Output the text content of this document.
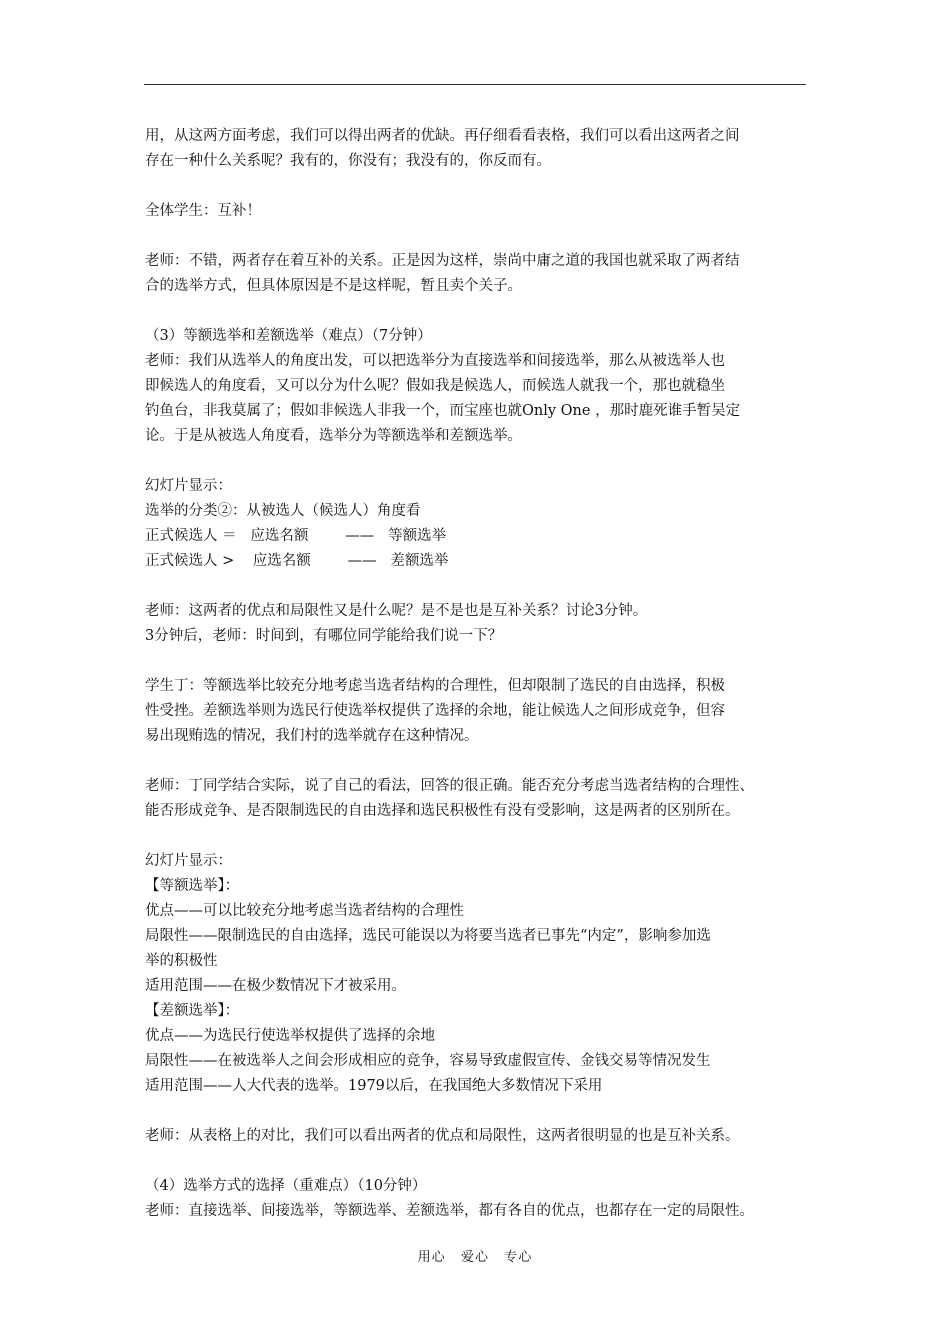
用，从这两方面考虑，我们可以得出两者的优缺。再仔细看看表格，我们可以看出这两者之间
存在一种什么关系呢？我有的，你没有；我没有的，你反而有。
全体学生：互补！
老师：不错，两者存在着互补的关系。正是因为这样，崇尚中庸之道的我国也就采取了两者结
合的选举方式，但具体原因是不是这样呢，暂且卖个关子。
（3）等额选举和差额选举（难点）（7分钟）
老师：我们从选举人的角度出发，可以把选举分为直接选举和间接选举，那么从被选举人也
即候选人的角度看，又可以分为什么呢？假如我是候选人，而候选人就我一个，那也就稳坐
钓鱼台，非我莫属了；假如非候选人非我一个，而宝座也就Only One ，那时鹿死谁手暂吴定
论。于是从被选人角度看，选举分为等额选举和差额选举。
幻灯片显示：
选举的分类②：从被选人（候选人）角度看
正式候选人 ＝   应选名额        ——   等额选举
正式候选人 >    应选名额        ——   差额选举
老师：这两者的优点和局限性又是什么呢？是不是也是互补关系？讨论3分钟。
3分钟后，老师：时间到，有哪位同学能给我们说一下？
学生丁：等额选举比较充分地考虑当选者结构的合理性，但却限制了选民的自由选择，积极
性受挫。差额选举则为选民行使选举权提供了选择的余地，能让候选人之间形成竞争，但容
易出现贿选的情况，我们村的选举就存在这种情况。
老师：丁同学结合实际，说了自己的看法，回答的很正确。能否充分考虑当选者结构的合理性、
能否形成竞争、是否限制选民的自由选择和选民积极性有没有受影响，这是两者的区别所在。
幻灯片显示：
【等额选举】：
优点——可以比较充分地考虑当选者结构的合理性
局限性——限制选民的自由选择，选民可能误以为将要当选者已事先“内定”，影响参加选
举的积极性
适用范围——在极少数情况下才被采用。
【差额选举】：
优点——为选民行使选举权提供了选择的余地
局限性——在被选举人之间会形成相应的竞争，容易导致虚假宣传、金钱交易等情况发生
适用范围——人大代表的选举。1979以后，在我国绝大多数情况下采用
老师：从表格上的对比，我们可以看出两者的优点和局限性，这两者很明显的也是互补关系。
（4）选举方式的选择（重难点）（10分钟）
老师：直接选举、间接选举，等额选举、差额选举，都有各自的优点，也都存在一定的局限性。
用心   爱心   专心
